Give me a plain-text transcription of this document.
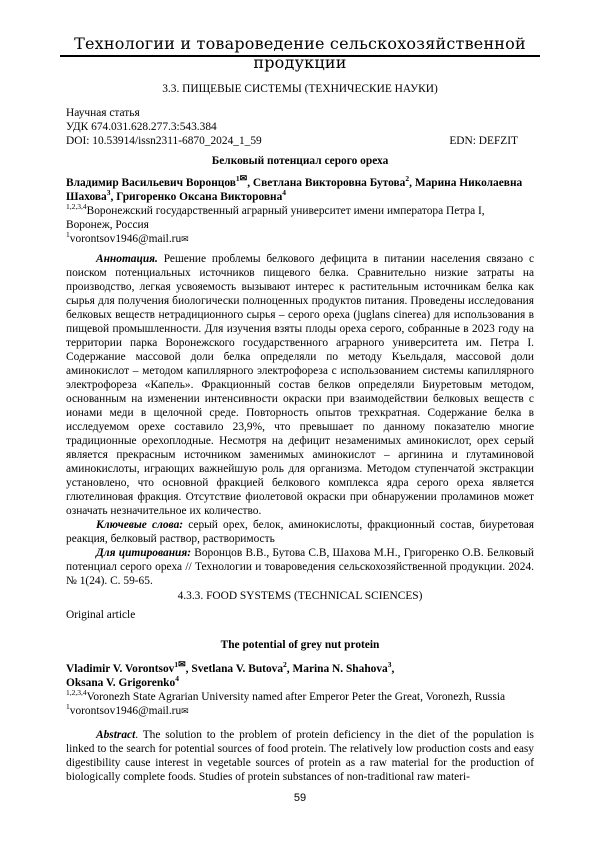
Технологии и товароведение сельскохозяйственной продукции

3.3. ПИЩЕВЫЕ СИСТЕМЫ (ТЕХНИЧЕСКИЕ НАУКИ)

Научная статья

УДК 674.031.628.277.3:543.384

DOI: 10.53914/issn2311-6870_2024_1_59	EDN: DEFZIT

Белковый потенциал серого ореха

Владимир Васильевич Воронцов$^{1✉}$, Светлана Викторовна Бутова$^2$, Марина Николаевна Шахова$^3$, Григоренко Оксана Викторовна$^4$

$^{1,2,3,4}$Воронежский государственный аграрный университет имени императора Петра I, Воронеж, Россия

$^1$vorontsov1946@mail.ru✉

Аннотация. Решение проблемы белкового дефицита в питании населения связано с поиском потенциальных источников пищевого белка. Сравнительно низкие затраты на производство, легкая усвояемость вызывают интерес к растительным источникам белка как сырья для получения биологически полноценных продуктов питания. Проведены исследования белковых веществ нетрадиционного сырья – серого ореха (juglans cinerea) для использования в пищевой промышленности. Для изучения взяты плоды ореха серого, собранные в 2023 году на территории парка Воронежского государственного аграрного университета им. Петра I. Содержание массовой доли белка определяли по методу Къельдаля, массовой доли аминокислот – методом капиллярного электрофореза с использованием системы капиллярного электрофореза «Капель». Фракционный состав белков определяли Биуретовым методом, основанным на изменении интенсивности окраски при взаимодействии белковых веществ с ионами меди в щелочной среде. Повторность опытов трехкратная. Содержание белка в исследуемом орехе составило 23,9%, что превышает по данному показателю многие традиционные орехоплодные. Несмотря на дефицит незаменимых аминокислот, орех серый является прекрасным источником заменимых аминокислот – аргинина и глутаминовой аминокислоты, играющих важнейшую роль для организма. Методом ступенчатой экстракции установлено, что основной фракцией белкового комплекса ядра серого ореха является глютелиновая фракция. Отсутствие фиолетовой окраски при обнаружении проламинов может означать незначительное их количество.

Ключевые слова: серый орех, белок, аминокислоты, фракционный состав, биуретовая реакция, белковый раствор, растворимость

Для цитирования: Воронцов В.В., Бутова С.В, Шахова М.Н., Григоренко О.В. Белковый потенциал серого ореха // Технологии и товароведения сельскохозяйственной продукции. 2024. № 1(24). С. 59-65.

4.3.3. FOOD SYSTEMS (TECHNICAL SCIENCES)

Original article

The potential of grey nut protein

Vladimir V. Vorontsov$^{1✉}$, Svetlana V. Butova$^2$, Marina N. Shahova$^3$,
Oksana V. Grigorenko$^4$

$^{1,2,3,4}$Voronezh State Agrarian University named after Emperor Peter the Great, Voronezh, Russia

$^1$vorontsov1946@mail.ru✉

Abstract. The solution to the problem of protein deficiency in the diet of the population is linked to the search for potential sources of food protein. The relatively low production costs and easy digestibility cause interest in vegetable sources of protein as a raw material for the production of biologically complete foods. Studies of protein substances of non-traditional raw materi-

59
